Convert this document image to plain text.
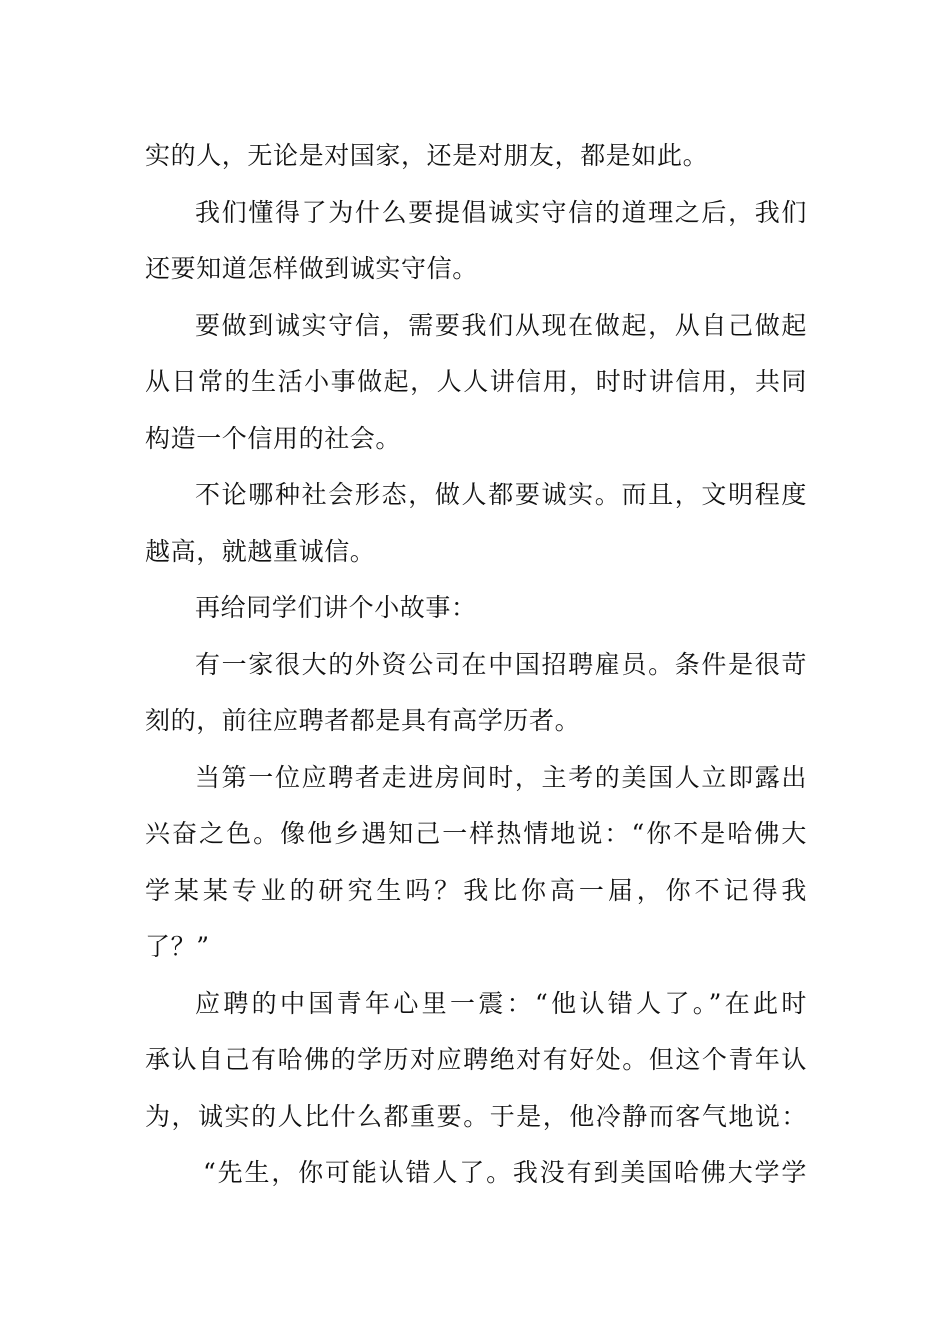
实的人，无论是对国家，还是对朋友，都是如此。
我们懂得了为什么要提倡诚实守信的道理之后，我们
还要知道怎样做到诚实守信。
要做到诚实守信，需要我们从现在做起，从自己做起
从日常的生活小事做起，人人讲信用，时时讲信用，共同
构造一个信用的社会。
不论哪种社会形态，做人都要诚实。而且，文明程度
越高，就越重诚信。
再给同学们讲个小故事：
有一家很大的外资公司在中国招聘雇员。条件是很苛
刻的，前往应聘者都是具有高学历者。
当第一位应聘者走进房间时，主考的美国人立即露出
兴奋之色。像他乡遇知己一样热情地说：“你不是哈佛大
学某某专业的研究生吗？我比你高一届，你不记得我
了？”
应聘的中国青年心里一震：“他认错人了。”在此时
承认自己有哈佛的学历对应聘绝对有好处。但这个青年认
为，诚实的人比什么都重要。于是，他冷静而客气地说：
“先生，你可能认错人了。我没有到美国哈佛大学学
